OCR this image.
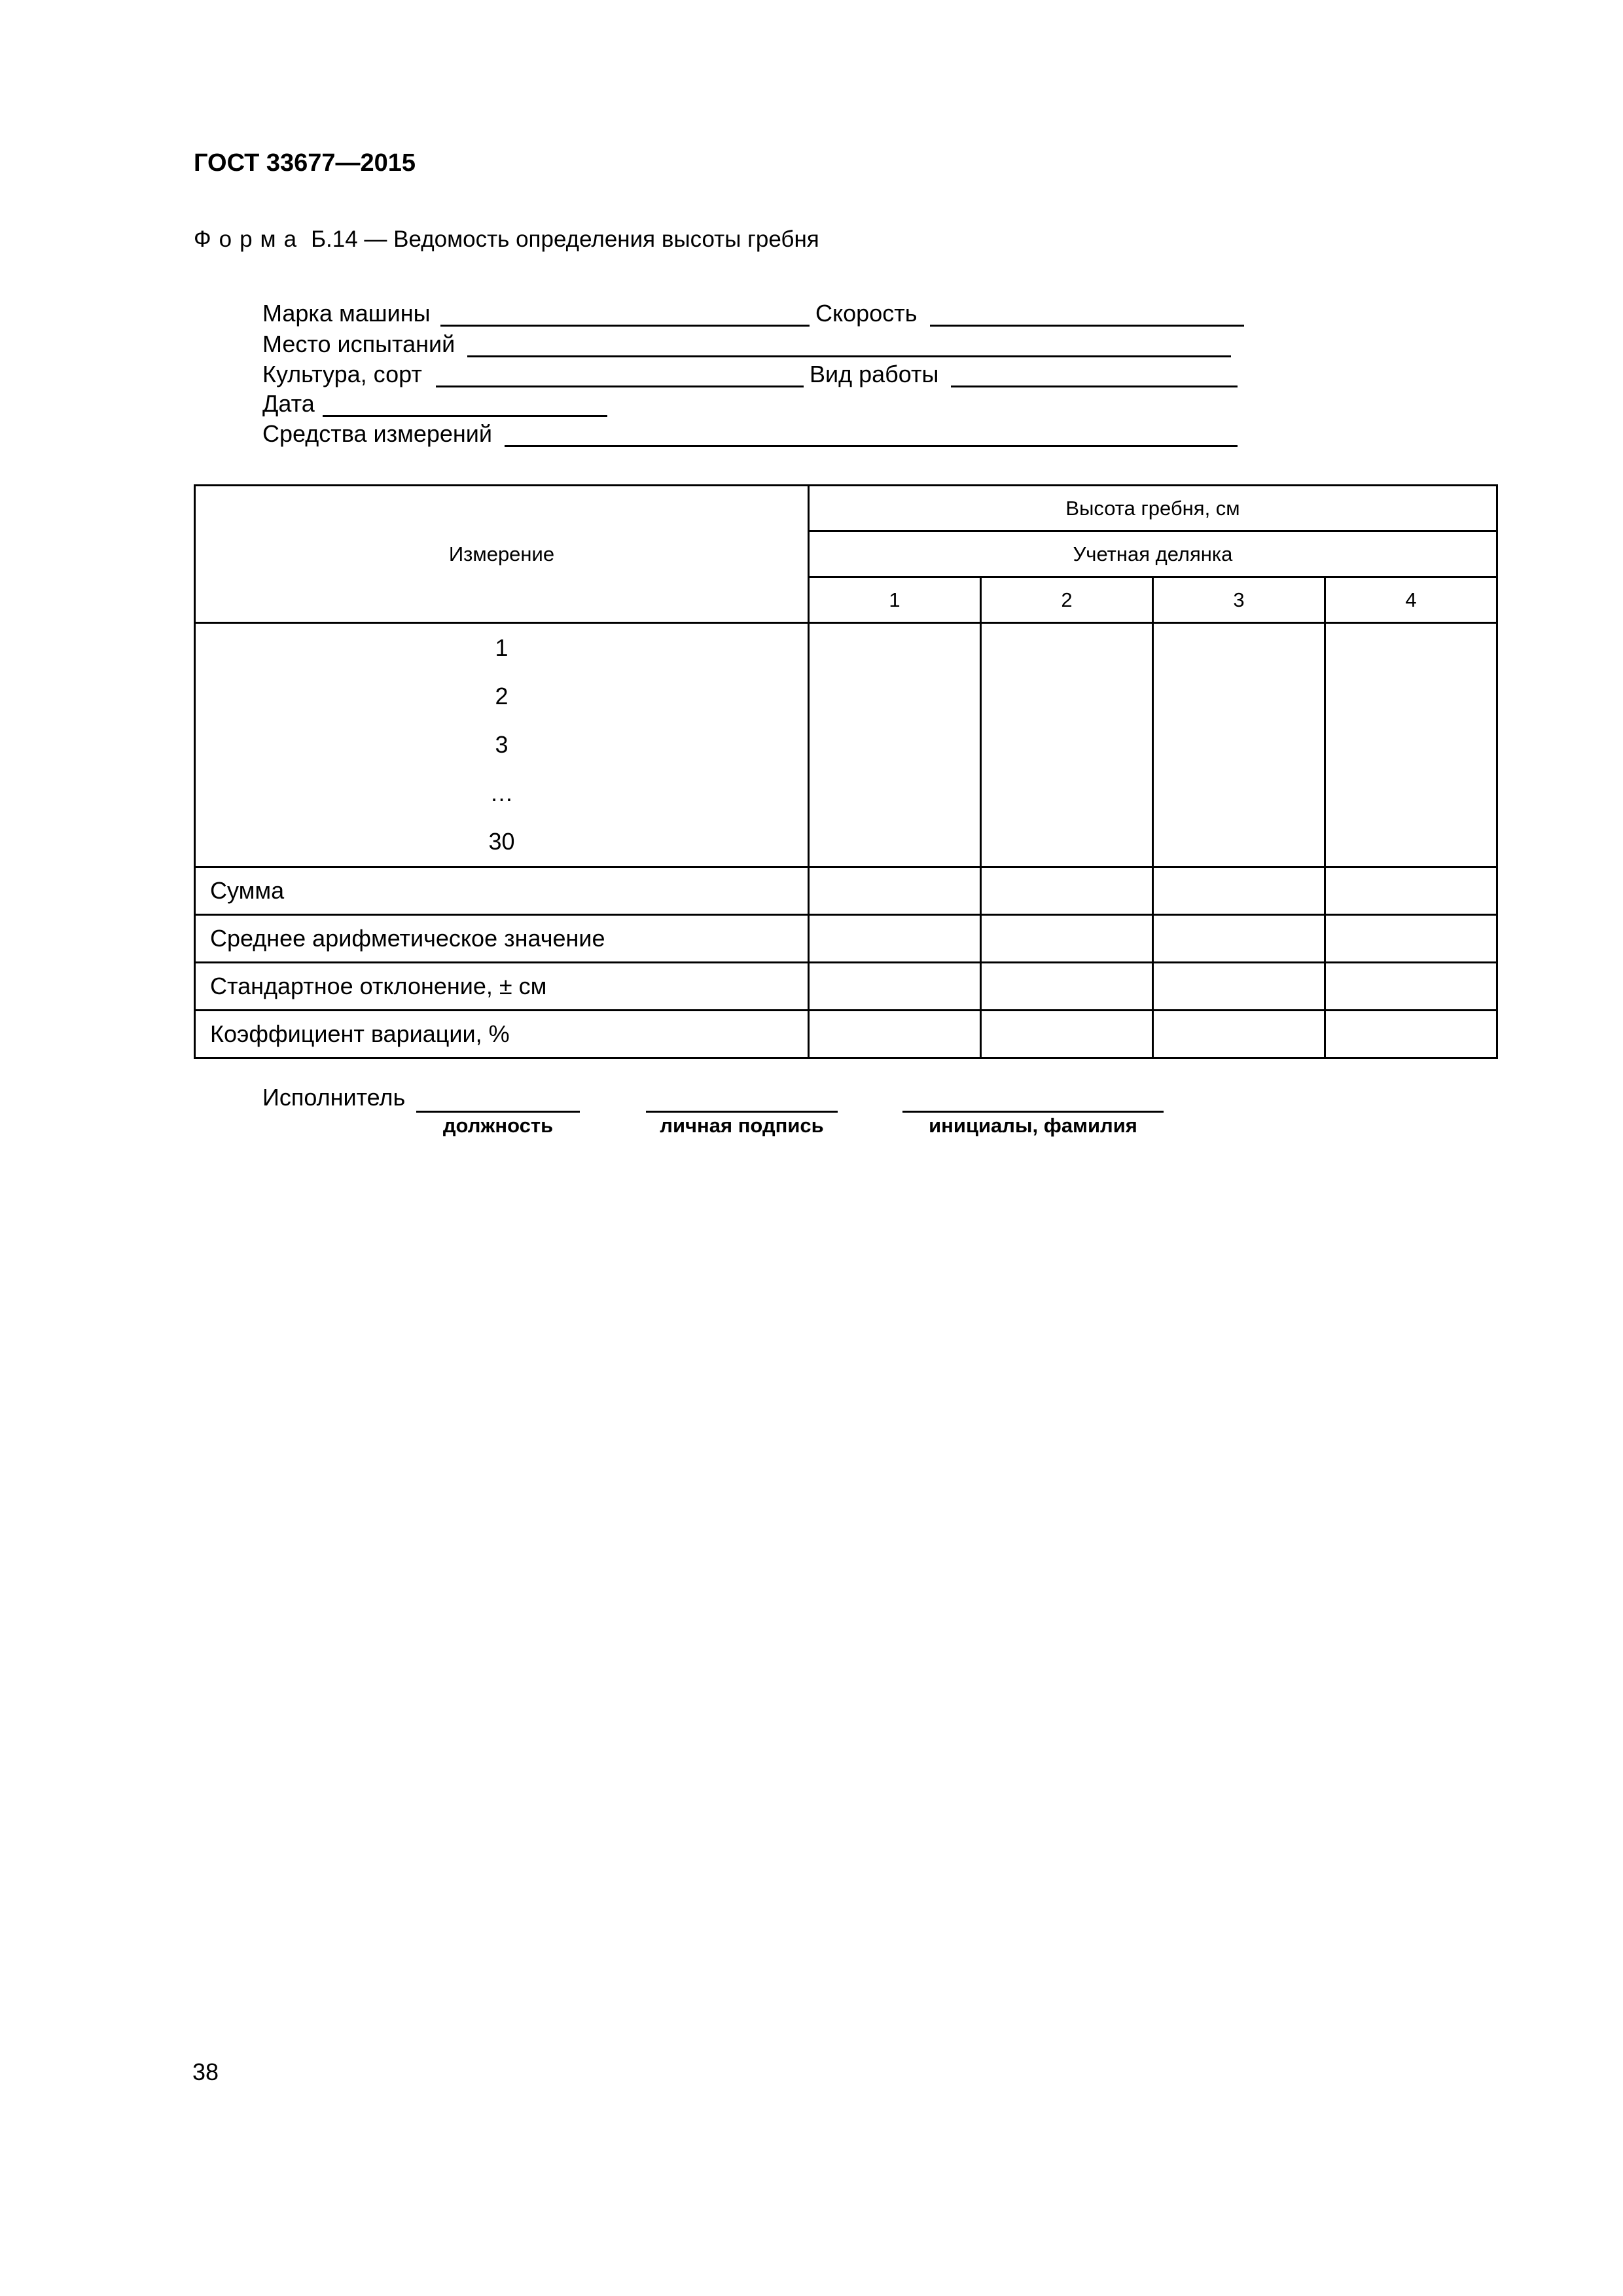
ГОСТ 33677—2015
Форма Б.14 — Ведомость определения высоты гребня
Марка машины	Скорость
Место испытаний
Культура, сорт	Вид работы
Дата
Средства измерений
Измерение	Высота гребня, см			
	Учетная делянка			
	1	2	3	4

1
2
3
…
30				

Сумма				
Среднее арифметическое значение				
Стандартное отклонение, ± см				
Коэффициент вариации, %				
Исполнитель
должность	личная подпись	инициалы, фамилия
38
